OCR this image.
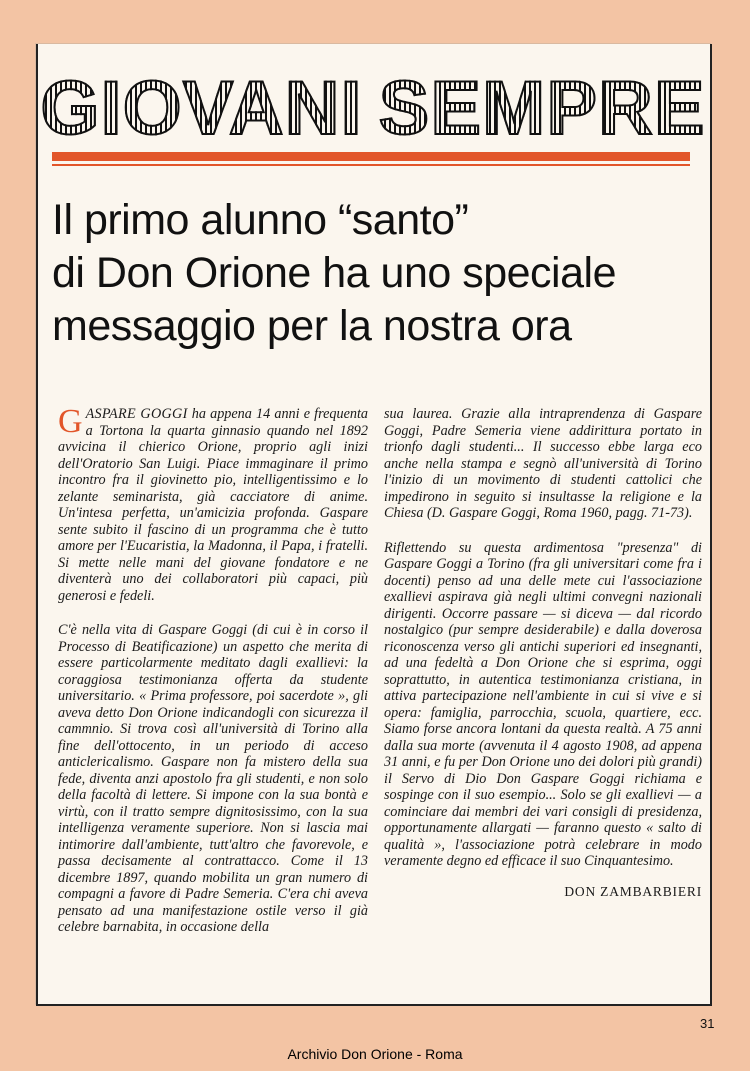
GIOVANI SEMPRE
Il primo alunno “santo”
di Don Orione ha uno speciale
messaggio per la nostra ora

GASPARE GOGGI ha appena 14 anni e frequenta a Tortona la quarta ginnasio quando nel 1892 avvicina il chierico Orione, proprio agli inizi dell'Oratorio San Luigi. Piace immaginare il primo incontro fra il giovinetto pio, intelligentissimo e lo zelante seminarista, già cacciatore di anime. Un'intesa perfetta, un'amicizia profonda. Gaspare sente subito il fascino di un programma che è tutto amore per l'Eucaristia, la Madonna, il Papa, i fratelli. Si mette nelle mani del giovane fondatore e ne diventerà uno dei collaboratori più capaci, più generosi e fedeli.

C'è nella vita di Gaspare Goggi (di cui è in corso il Processo di Beatificazione) un aspetto che merita di essere particolarmente meditato dagli exallievi: la coraggiosa testimonianza offerta da studente universitario. « Prima professore, poi sacerdote », gli aveva detto Don Orione indicandogli con sicurezza il cammnio. Si trova così all'università di Torino alla fine dell'ottocento, in un periodo di acceso anticlericalismo. Gaspare non fa mistero della sua fede, diventa anzi apostolo fra gli studenti, e non solo della facoltà di lettere. Si impone con la sua bontà e virtù, con il tratto sempre dignitosissimo, con la sua intelligenza veramente superiore. Non si lascia mai intimorire dall'ambiente, tutt'altro che favorevole, e passa decisamente al contrattacco. Come il 13 dicembre 1897, quando mobilita un gran numero di compagni a favore di Padre Semeria. C'era chi aveva pensato ad una manifestazione ostile verso il già celebre barnabita, in occasione della

sua laurea. Grazie alla intraprendenza di Gaspare Goggi, Padre Semeria viene addirittura portato in trionfo dagli studenti... Il successo ebbe larga eco anche nella stampa e segnò all'università di Torino l'inizio di un movimento di studenti cattolici che impedirono in seguito si insultasse la religione e la Chiesa (D. Gaspare Goggi, Roma 1960, pagg. 71-73).

Riflettendo su questa ardimentosa "presenza" di Gaspare Goggi a Torino (fra gli universitari come fra i docenti) penso ad una delle mete cui l'associazione exallievi aspirava già negli ultimi convegni nazionali dirigenti. Occorre passare — si diceva — dal ricordo nostalgico (pur sempre desiderabile) e dalla doverosa riconoscenza verso gli antichi superiori ed insegnanti, ad una fedeltà a Don Orione che si esprima, oggi soprattutto, in autentica testimonianza cristiana, in attiva partecipazione nell'ambiente in cui si vive e si opera: famiglia, parrocchia, scuola, quartiere, ecc. Siamo forse ancora lontani da questa realtà. A 75 anni dalla sua morte (avvenuta il 4 agosto 1908, ad appena 31 anni, e fu per Don Orione uno dei dolori più grandi) il Servo di Dio Don Gaspare Goggi richiama e sospinge con il suo esempio... Solo se gli exallievi — a cominciare dai membri dei vari consigli di presidenza, opportunamente allargati — faranno questo « salto di qualità », l'associazione potrà celebrare in modo veramente degno ed efficace il suo Cinquantesimo.

DON ZAMBARBIERI
31
Archivio Don Orione - Roma
